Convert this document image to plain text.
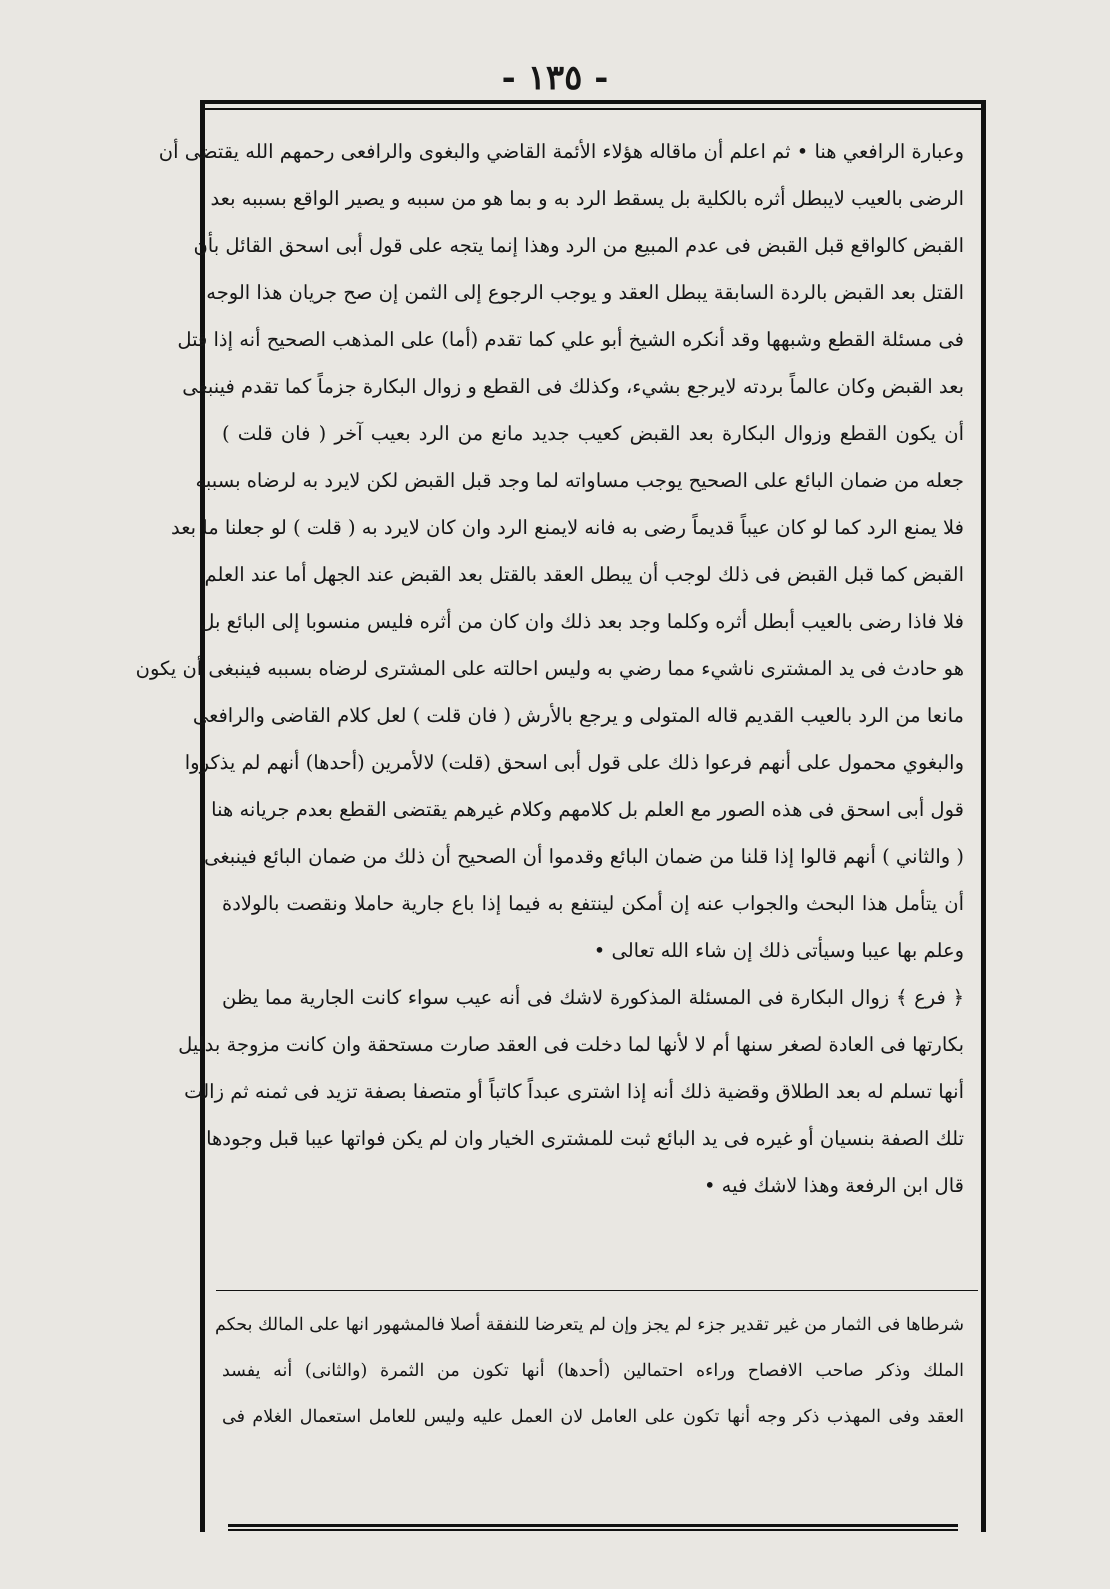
- ١٣٥ -
وعبارة الرافعي هنا • ثم اعلم أن ماقاله هؤلاء الأئمة القاضي والبغوى والرافعى رحمهم الله يقتضى أن
الرضى بالعيب لايبطل أثره بالكلية بل يسقط الرد به و بما هو من سببه و يصير الواقع بسببه بعد
القبض كالواقع قبل القبض فى عدم المبيع من الرد وهذا إنما يتجه على قول أبى اسحق القائل بأن
القتل بعد القبض بالردة السابقة يبطل العقد و يوجب الرجوع إلى الثمن إن صح جريان هذا الوجه
فى مسئلة القطع وشبهها وقد أنكره الشيخ أبو علي كما تقدم (أما) على المذهب الصحيح أنه إذا قتل
بعد القبض وكان عالماً بردته لايرجع بشيء، وكذلك فى القطع و زوال البكارة جزماً كما تقدم فينبغى
أن يكون القطع وزوال البكارة بعد القبض كعيب جديد مانع من الرد بعيب آخر ( فان قلت )
جعله من ضمان البائع على الصحيح يوجب مساواته لما وجد قبل القبض لكن لايرد به لرضاه بسببه
فلا يمنع الرد كما لو كان عيباً قديماً رضى به فانه لايمنع الرد وان كان لايرد به ( قلت ) لو جعلنا ما بعد
القبض كما قبل القبض فى ذلك لوجب أن يبطل العقد بالقتل بعد القبض عند الجهل أما عند العلم
فلا فاذا رضى بالعيب أبطل أثره وكلما وجد بعد ذلك وان كان من أثره فليس منسوبا إلى البائع بل
هو حادث فى يد المشترى ناشيء مما رضي به وليس احالته على المشترى لرضاه بسببه فينبغى أن يكون
مانعا من الرد بالعيب القديم قاله المتولى و يرجع بالأرش ( فان قلت ) لعل كلام القاضى والرافعى
والبغوي محمول على أنهم فرعوا ذلك على قول أبى اسحق (قلت) لالأمرين (أحدها) أنهم لم يذكروا
قول أبى اسحق فى هذه الصور مع العلم بل كلامهم وكلام غيرهم يقتضى القطع بعدم جريانه هنا
( والثاني ) أنهم قالوا إذا قلنا من ضمان البائع وقدموا أن الصحيح أن ذلك من ضمان البائع فينبغى
أن يتأمل هذا البحث والجواب عنه إن أمكن لينتفع به فيما إذا باع جارية حاملا ونقصت بالولادة
وعلم بها عيبا وسيأتى ذلك إن شاء الله تعالى •
﴿ فرع ﴾ زوال البكارة فى المسئلة المذكورة لاشك فى أنه عيب سواء كانت الجارية مما يظن
بكارتها فى العادة لصغر سنها أم لا لأنها لما دخلت فى العقد صارت مستحقة وان كانت مزوجة بدليل
أنها تسلم له بعد الطلاق وقضية ذلك أنه إذا اشترى عبداً كاتباً أو متصفا بصفة تزيد فى ثمنه ثم زالت
تلك الصفة بنسيان أو غيره فى يد البائع ثبت للمشترى الخيار وان لم يكن فواتها عيبا قبل وجودها
قال ابن الرفعة وهذا لاشك فيه •
شرطاها فى الثمار من غير تقدير جزء لم يجز وإن لم يتعرضا للنفقة أصلا فالمشهور انها على المالك بحكم
الملك وذكر صاحب الافصاح وراءه احتمالين (أحدها) أنها تكون من الثمرة (والثانى) أنه يفسد
العقد وفى المهذب ذكر وجه أنها تكون على العامل لان العمل عليه وليس للعامل استعمال الغلام فى
